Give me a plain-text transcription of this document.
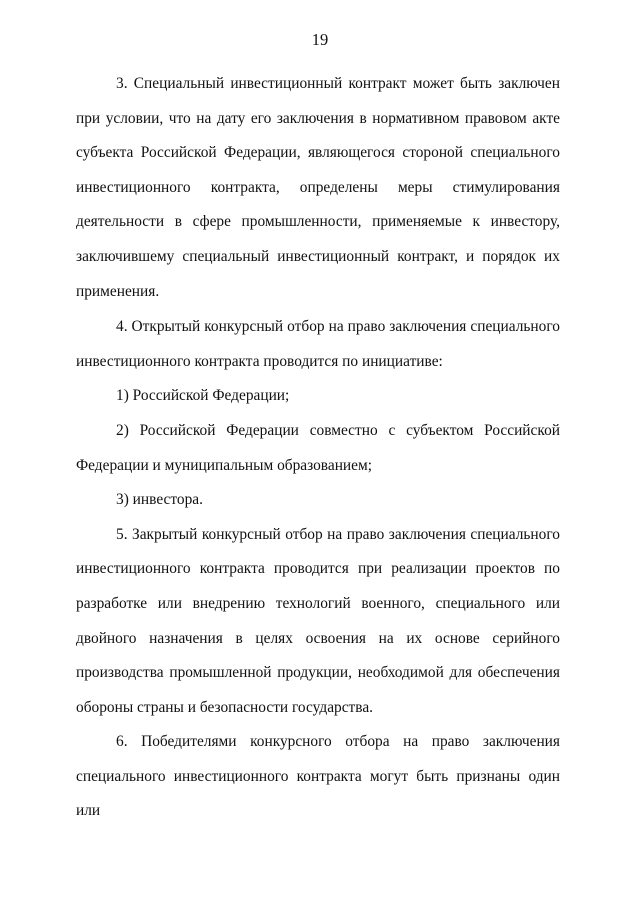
19

3. Специальный инвестиционный контракт может быть заключен при условии, что на дату его заключения в нормативном правовом акте субъекта Российской Федерации, являющегося стороной специального инвестиционного контракта, определены меры стимулирования деятельности в сфере промышленности, применяемые к инвестору, заключившему специальный инвестиционный контракт, и порядок их применения.

4. Открытый конкурсный отбор на право заключения специального инвестиционного контракта проводится по инициативе:

1) Российской Федерации;

2) Российской Федерации совместно с субъектом Российской Федерации и муниципальным образованием;

3) инвестора.

5. Закрытый конкурсный отбор на право заключения специального инвестиционного контракта проводится при реализации проектов по разработке или внедрению технологий военного, специального или двойного назначения в целях освоения на их основе серийного производства промышленной продукции, необходимой для обеспечения обороны страны и безопасности государства.

6. Победителями конкурсного отбора на право заключения специального инвестиционного контракта могут быть признаны один или
